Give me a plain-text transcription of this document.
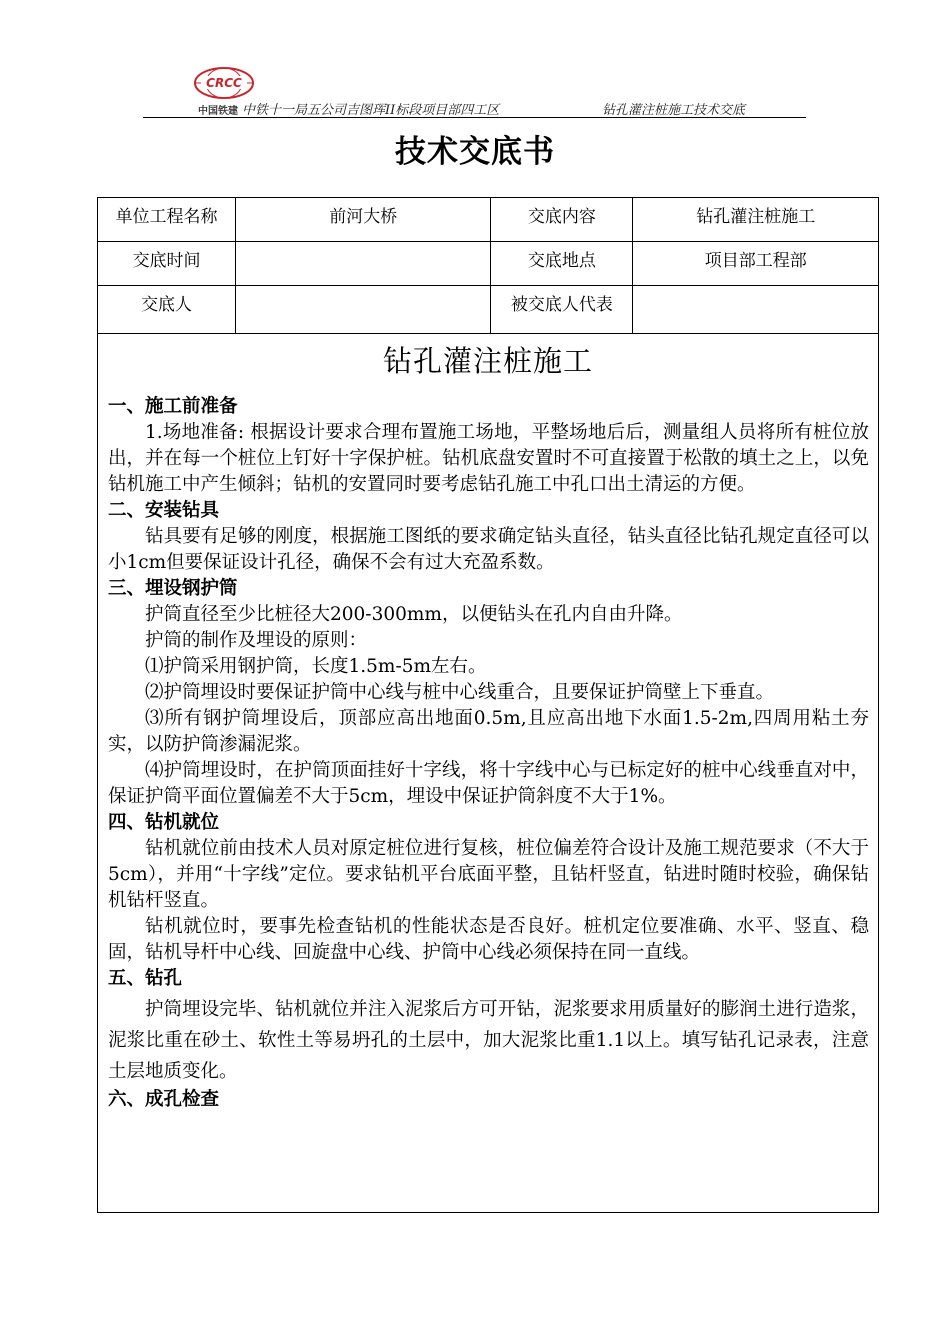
CRCC
中国铁建 中铁十一局五公司吉图珲II标段项目部四工区	钻孔灌注桩施工技术交底
技术交底书
单位工程名称	前河大桥	交底内容	钻孔灌注桩施工
交底时间		交底地点	项目部工程部
交底人		被交底人代表	
钻孔灌注桩施工
一、施工前准备

1.场地准备: 根据设计要求合理布置施工场地，平整场地后后，测量组人员将所有桩位放出，并在每一个桩位上钉好十字保护桩。钻机底盘安置时不可直接置于松散的填土之上，以免钻机施工中产生倾斜；钻机的安置同时要考虑钻孔施工中孔口出土清运的方便。

二、安装钻具

钻具要有足够的刚度，根据施工图纸的要求确定钻头直径，钻头直径比钻孔规定直径可以小1cm但要保证设计孔径，确保不会有过大充盈系数。

三、埋设钢护筒

护筒直径至少比桩径大200-300mm，以便钻头在孔内自由升降。

护筒的制作及埋设的原则：

⑴护筒采用钢护筒，长度1.5m-5m左右。

⑵护筒埋设时要保证护筒中心线与桩中心线重合，且要保证护筒壁上下垂直。

⑶所有钢护筒埋设后，顶部应高出地面0.5m,且应高出地下水面1.5-2m,四周用粘土夯实，以防护筒渗漏泥浆。

⑷护筒埋设时，在护筒顶面挂好十字线，将十字线中心与已标定好的桩中心线垂直对中，保证护筒平面位置偏差不大于5cm，埋设中保证护筒斜度不大于1%。

四、钻机就位

钻机就位前由技术人员对原定桩位进行复核，桩位偏差符合设计及施工规范要求（不大于5cm），并用“十字线”定位。要求钻机平台底面平整，且钻杆竖直，钻进时随时校验，确保钻机钻杆竖直。

钻机就位时，要事先检查钻机的性能状态是否良好。桩机定位要准确、水平、竖直、稳固，钻机导杆中心线、回旋盘中心线、护筒中心线必须保持在同一直线。

五、钻孔

护筒埋设完毕、钻机就位并注入泥浆后方可开钻，泥浆要求用质量好的膨润土进行造浆，泥浆比重在砂土、软性土等易坍孔的土层中，加大泥浆比重1.1以上。填写钻孔记录表，注意土层地质变化。

六、成孔检查
